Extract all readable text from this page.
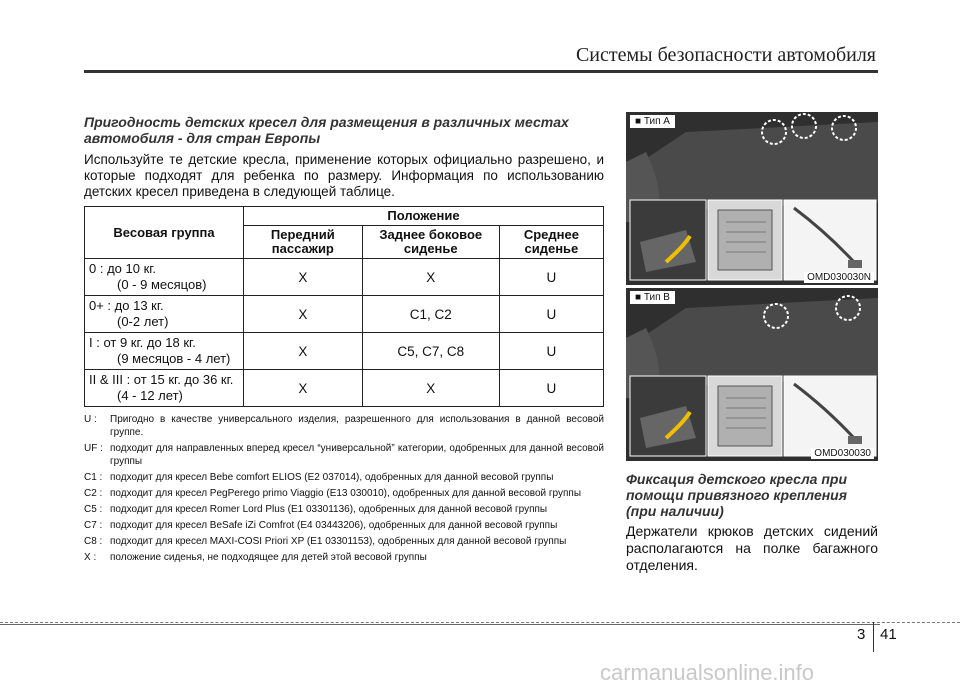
Системы безопасности автомобиля
Пригодность детских кресел для размещения в различных местах автомобиля - для стран Европы
Используйте те детские кресла, применение которых официально разрешено, и которые подходят для ребенка по размеру. Информация по использованию детских кресел приведена в следующей таблице.
Весовая группа	Положение		
	Передний пассажир	Заднее боковое сиденье	Среднее сиденье
0 : до 10 кг.
(0 - 9 месяцов)	X	X	U
0+ : до 13 кг.
(0-2 лет)	X	C1, C2	U
I : от 9 кг. до 18 кг.
(9 месяцов - 4 лет)	X	C5, C7, C8	U
II & III : от 15 кг. до 36 кг.
(4 - 12 лет)	X	X	U
U :	Пригодно в качестве универсального изделия, разрешенного для использования в данной весовой группе.
UF : подходит для направленных вперед кресел “универсальной” категории, одобренных для данной весовой группы
C1 : подходит для кресел Bebe comfort ELIOS (E2 037014), одобренных для данной весовой группы
C2 : подходит для кресел PegPerego primo Viaggio (E13 030010), одобренных для данной весовой группы
C5 : подходит для кресел Romer Lord Plus (E1 03301136), одобренных для данной весовой группы
C7 : подходит для кресел BeSafe iZi Comfrot (E4 03443206), одобренных для данной весовой группы
C8 : подходит для кресел MAXI-COSI Priori XP (E1 03301153), одобренных для данной весовой группы
X :	положение сиденья, не подходящее для детей этой весовой группы
■ Тип A
OMD030030N
■ Тип B
OMD030030
Фиксация детского кресла при помощи привязного крепления (при наличии)
Держатели крюков детских сидений располагаются на полке багажного отделения.
3 41
carmanualsonline.info
